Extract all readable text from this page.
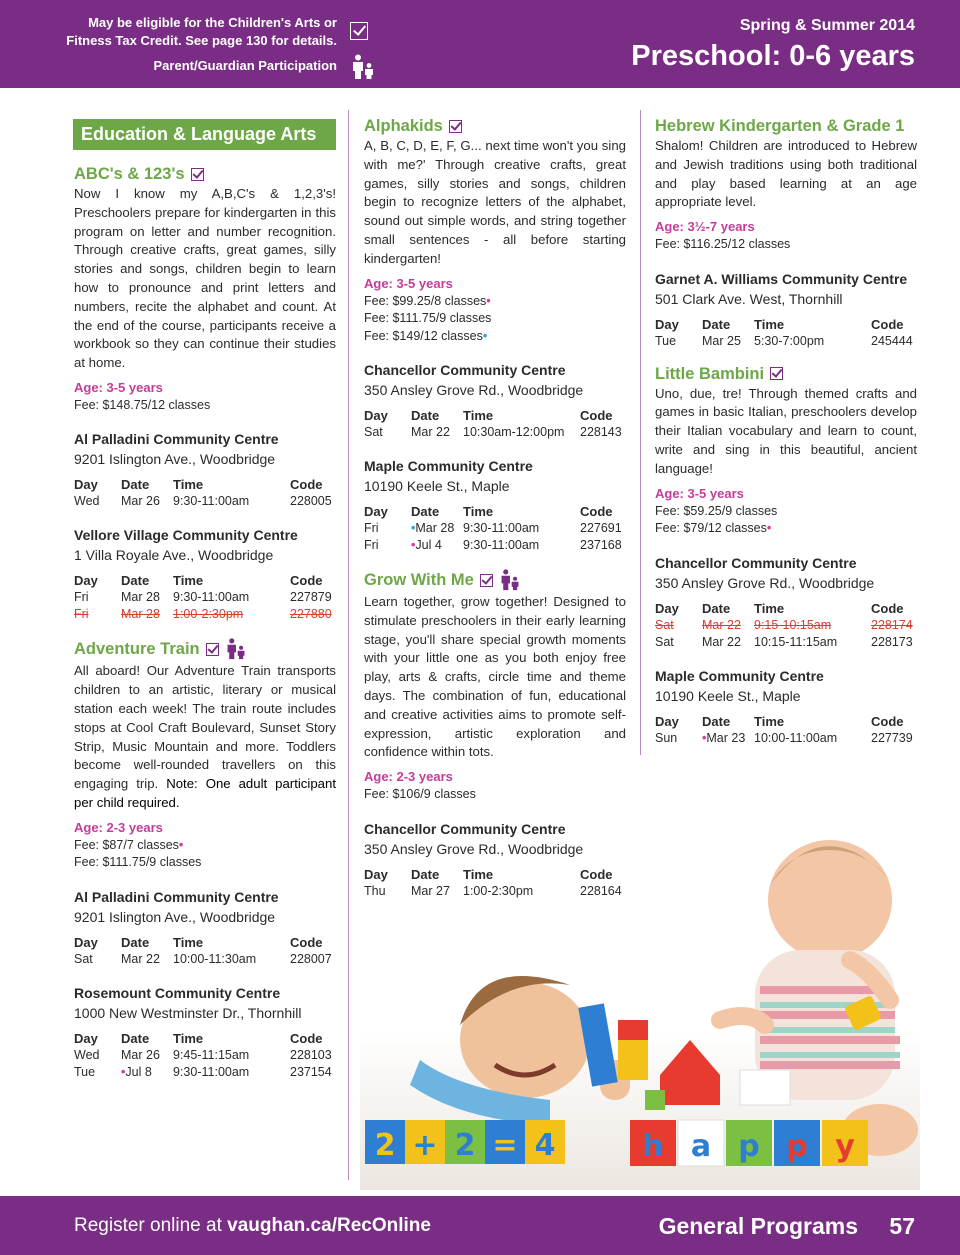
May be eligible for the Children's Arts or
Fitness Tax Credit. See page 130 for details.
Parent/Guardian Participation
Spring & Summer 2014
Preschool: 0-6 years
Education & Language Arts
ABC's & 123's
Now I know my A,B,C's & 1,2,3's! Preschoolers prepare for kindergarten in this program on letter and number recognition. Through creative crafts, great games, silly stories and songs, children begin to learn how to pronounce and print letters and numbers, recite the alphabet and count. At the end of the course, participants receive a workbook so they can continue their studies at home.
Age: 3-5 years
Fee: $148.75/12 classes
Al Palladini Community Centre
9201 Islington Ave., Woodbridge
Day	Date	Time	Code
Wed	Mar 26	9:30-11:00am	228005
Vellore Village Community Centre
1 Villa Royale Ave., Woodbridge
Day	Date	Time	Code
Fri	Mar 28	9:30-11:00am	227879
Fri	Mar 28	1:00-2:30pm	227880
Adventure Train
All aboard! Our Adventure Train transports children to an artistic, literary or musical station each week! The train route includes stops at Cool Craft Boulevard, Sunset Story Strip, Music Mountain and more. Toddlers become well-rounded travellers on this engaging trip. Note: One adult participant per child required.
Age: 2-3 years
Fee: $87/7 classes•
Fee: $111.75/9 classes
Al Palladini Community Centre
9201 Islington Ave., Woodbridge
Day	Date	Time	Code
Sat	Mar 22	10:00-11:30am	228007
Rosemount Community Centre
1000 New Westminster Dr., Thornhill
Day	Date	Time	Code
Wed	Mar 26	9:45-11:15am	228103
Tue	•Jul 8	9:30-11:00am	237154
Alphakids
A, B, C, D, E, F, G... next time won't you sing with me?' Through creative crafts, great games, silly stories and songs, children begin to recognize letters of the alphabet, sound out simple words, and string together small sentences - all before starting kindergarten!
Age: 3-5 years
Fee: $99.25/8 classes•
Fee: $111.75/9 classes
Fee: $149/12 classes•
Chancellor Community Centre
350 Ansley Grove Rd., Woodbridge
Day	Date	Time	Code
Sat	Mar 22	10:30am-12:00pm	228143
Maple Community Centre
10190 Keele St., Maple
Day	Date	Time	Code
Fri	•Mar 28	9:30-11:00am	227691
Fri	•Jul 4	9:30-11:00am	237168
Grow With Me
Learn together, grow together! Designed to stimulate preschoolers in their early learning stage, you'll share special growth moments with your little one as you both enjoy free play, arts & crafts, circle time and theme days. The combination of fun, educational and creative activities aims to promote self-expression, artistic exploration and confidence within tots.
Age: 2-3 years
Fee: $106/9 classes
Chancellor Community Centre
350 Ansley Grove Rd., Woodbridge
Day	Date	Time	Code
Thu	Mar 27	1:00-2:30pm	228164
Hebrew Kindergarten & Grade 1
Shalom! Children are introduced to Hebrew and Jewish traditions using both traditional and play based learning at an age appropriate level.
Age: 3½-7 years
Fee: $116.25/12 classes
Garnet A. Williams Community Centre
501 Clark Ave. West, Thornhill
Day	Date	Time	Code
Tue	Mar 25	5:30-7:00pm	245444
Little Bambini
Uno, due, tre! Through themed crafts and games in basic Italian, preschoolers develop their Italian vocabulary and learn to count, write and sing in this beautiful, ancient language!
Age: 3-5 years
Fee: $59.25/9 classes
Fee: $79/12 classes•
Chancellor Community Centre
350 Ansley Grove Rd., Woodbridge
Day	Date	Time	Code
Sat	Mar 22	9:15-10:15am	228174
Sat	Mar 22	10:15-11:15am	228173
Maple Community Centre
10190 Keele St., Maple
Day	Date	Time	Code
Sun	•Mar 23	10:00-11:00am	227739
2 + 2 = 4	h a p p y
Register online at vaughan.ca/RecOnline	General Programs 57
